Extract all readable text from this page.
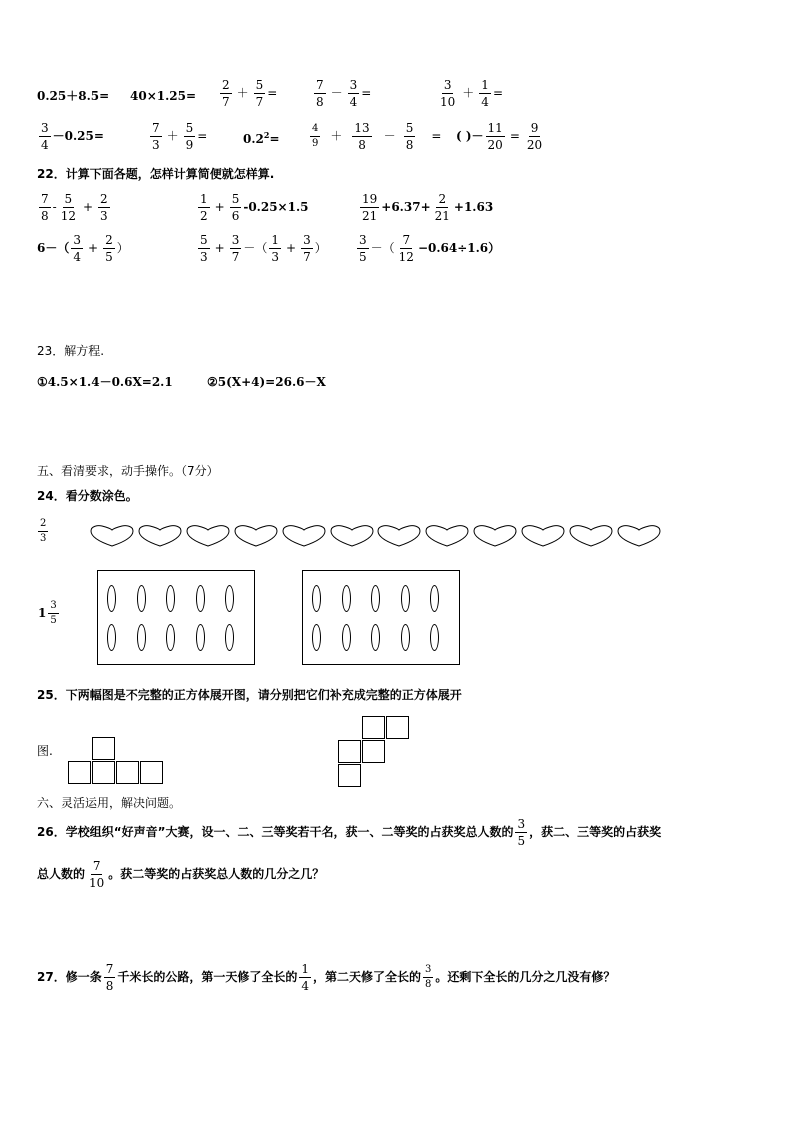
$0.25+8.5= 40\times 1.25= \frac{2}{7} + \frac{5}{7}$ =	$\frac{7}{8} - \frac{3}{4}$ =	$\frac{3}{10} + \frac{1}{4}$ =
$\frac{3}{4} -0.25=$	$\frac{7}{3} + \frac{5}{9}$ =	$0.2^2=$	$\frac{4}{9} + \frac{13}{8} - \frac{5}{8}$ = ( )－ $\frac{11}{20} = \frac{9}{20}$
22．计算下面各题，怎样计算简便就怎样算.
$\frac{7}{8} - \frac{5}{12} + \frac{2}{3}$	$\frac{1}{2} + \frac{5}{6} -0.25\times 1.5$	$\frac{19}{21} +6.37+ \frac{2}{21} +1.63$
$6-( \frac{3}{4} + \frac{2}{5}$ ）	$\frac{5}{3} + \frac{3}{7}$ －（ $\frac{1}{3} + \frac{3}{7}$ ）	$\frac{3}{5}$ －（ $\frac{7}{12} -0.64\div 1.6$）
23．解方程.
①4.5×1.4－0.6X=2.1	②5(X+4)=26.6－X
五、看清要求，动手操作。（7分）
24．看分数涂色。
$\frac{2}{3}$
$1 \frac{3}{5}$
25．下两幅图是不完整的正方体展开图，请分别把它们补充成完整的正方体展开
图.
六、灵活运用，解决问题。
26．学校组织“好声音”大赛，设一、二、三等奖若干名，获一、二等奖的占获奖总人数的 $\frac{3}{5}$ ，获二、三等奖的占获奖
总人数的 $\frac{7}{10}$ 。获二等奖的占获奖总人数的几分之几？
27．修一条 $\frac{7}{8}$ 千米长的公路，第一天修了全长的 $\frac{1}{4}$ ，第二天修了全长的 $\frac{3}{8}$ 。还剩下全长的几分之几没有修？
